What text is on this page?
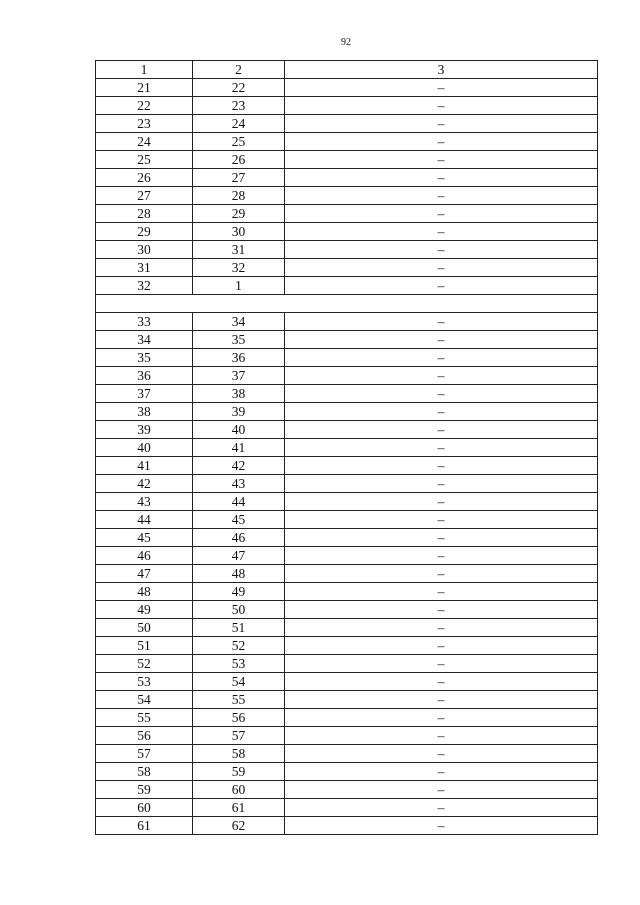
92
1	2	3
21	22	–
22	23	–
23	24	–
24	25	–
25	26	–
26	27	–
27	28	–
28	29	–
29	30	–
30	31	–
31	32	–
32	1	–

33	34	–
34	35	–
35	36	–
36	37	–
37	38	–
38	39	–
39	40	–
40	41	–
41	42	–
42	43	–
43	44	–
44	45	–
45	46	–
46	47	–
47	48	–
48	49	–
49	50	–
50	51	–
51	52	–
52	53	–
53	54	–
54	55	–
55	56	–
56	57	–
57	58	–
58	59	–
59	60	–
60	61	–
61	62	–
